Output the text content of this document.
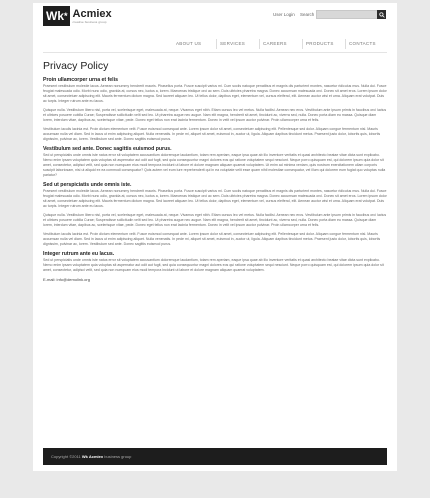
Wk* Acmiex
creative business group
User Login Search
ABOUT US	SERVICES	CAREERS	PRODUCTS	CONTACTS
Privacy Policy
Proin ullamcorper urna et felis

Praesent vestibulum molestie lacus. Aenean nonummy hendrerit mauris. Phasellus porta. Fusce suscipit varius mi. Cum sociis natoque penatibus et magnis dis parturient montes, nascetur ridiculus mus. Nulla dui. Fusce feugiat malesuada odio. Morbi nunc odio, gravida at, cursus nec, luctus a, lorem. Maecenas tristique orci ac sem. Duis ultricies pharetra magna. Donec accumsan malesuada orci. Donec sit amet eros. Lorem ipsum dolor sit amet, consectetuer adipiscing elit. Mauris fermentum dictum magna. Sed laoreet aliquam leo. Ut tellus dolor, dapibus eget, elementum vel, cursus eleifend, elit. Aenean auctor wisi et urna. Aliquam erat volutpat. Duis ac turpis. Integer rutrum ante eu lacus.

Quisque nulla. Vestibulum libero nisl, porta vel, scelerisque eget, malesuada at, neque. Vivamus eget nibh. Etiam cursus leo vel metus. Nulla facilisi. Aenean nec eros. Vestibulum ante ipsum primis in faucibus orci luctus et ultrices posuere cubilia Curae; Suspendisse sollicitudin velit sed leo. Ut pharetra augue nec augue. Nam elit magna, hendrerit sit amet, tincidunt ac, viverra sed, nulla. Donec porta diam eu massa. Quisque diam lorem, interdum vitae, dapibus ac, scelerisque vitae, pede. Donec eget tellus non erat lacinia fermentum. Donec in velit vel ipsum auctor pulvinar. Proin ullamcorper urna et felis.

Vestibulum iaculis lacinia est. Proin dictum elementum velit. Fusce euismod consequat ante. Lorem ipsum dolor sit amet, consectetuer adipiscing elit. Pellentesque sed dolor. Aliquam congue fermentum nisl. Mauris accumsan nulla vel diam. Sed in lacus ut enim adipiscing aliquet. Nulla venenatis. In pede mi, aliquet sit amet, euismod in, auctor ut, ligula. Aliquam dapibus tincidunt metus. Praesent justo dolor, lobortis quis, lobortis dignissim, pulvinar ac, lorem. Vestibulum sed ante. Donec sagittis euismod purus.

Vestibulum sed ante. Donec sagittis euismod purus.

Sed ut perspiciatis unde omnis iste natus error sit voluptatem accusantium doloremque laudantium, totam rem aperiam, eaque ipsa quae ab illo inventore veritatis et quasi architecto beatae vitae dicta sunt explicabo. Nemo enim ipsam voluptatem quia voluptas sit aspernatur aut odit aut fugit, sed quia consequuntur magni dolores eos qui ratione voluptatem sequi nesciunt. Neque porro quisquam est, qui dolorem ipsum quia dolor sit amet, consectetur, adipisci velit, sed quia non numquam eius modi tempora incidunt ut labore et dolore magnam aliquam quaerat voluptatem. Ut enim ad minima veniam, quis nostrum exercitationem ullam corporis suscipit laboriosam, nisi ut aliquid ex ea commodi consequatur? Quis autem vel eum iure reprehenderit qui in ea voluptate velit esse quam nihil molestiae consequatur, vel illum qui dolorem eum fugiat quo voluptas nulla pariatur?

Sed ut perspiciatis unde omnis iste.

Praesent vestibulum molestie lacus. Aenean nonummy hendrerit mauris. Phasellus porta. Fusce suscipit varius mi. Cum sociis natoque penatibus et magnis dis parturient montes, nascetur ridiculus mus. Nulla dui. Fusce feugiat malesuada odio. Morbi nunc odio, gravida at, cursus nec, luctus a, lorem. Maecenas tristique orci ac sem. Duis ultricies pharetra magna. Donec accumsan malesuada orci. Donec sit amet eros. Lorem ipsum dolor sit amet, consectetuer adipiscing elit. Mauris fermentum dictum magna. Sed laoreet aliquam leo. Ut tellus dolor, dapibus eget, elementum vel, cursus eleifend, elit. Aenean auctor wisi et urna. Aliquam erat volutpat. Duis ac turpis. Integer rutrum ante eu lacus.

Quisque nulla. Vestibulum libero nisl, porta vel, scelerisque eget, malesuada at, neque. Vivamus eget nibh. Etiam cursus leo vel metus. Nulla facilisi. Aenean nec eros. Vestibulum ante ipsum primis in faucibus orci luctus et ultrices posuere cubilia Curae; Suspendisse sollicitudin velit sed leo. Ut pharetra augue nec augue. Nam elit magna, hendrerit sit amet, tincidunt ac, viverra sed, nulla. Donec porta diam eu massa. Quisque diam lorem, interdum vitae, dapibus ac, scelerisque vitae, pede. Donec eget tellus non erat lacinia fermentum. Donec in velit vel ipsum auctor pulvinar. Proin ullamcorper urna et felis.

Vestibulum iaculis lacinia est. Proin dictum elementum velit. Fusce euismod consequat ante. Lorem ipsum dolor sit amet, consectetuer adipiscing elit. Pellentesque sed dolor. Aliquam congue fermentum nisl. Mauris accumsan nulla vel diam. Sed in lacus ut enim adipiscing aliquet. Nulla venenatis. In pede mi, aliquet sit amet, euismod in, auctor ut, ligula. Aliquam dapibus tincidunt metus. Praesent justo dolor, lobortis quis, lobortis dignissim, pulvinar ac, lorem. Vestibulum sed ante. Donec sagittis euismod purus.

Integer rutrum ante eu lacus.

Sed ut perspiciatis unde omnis iste natus error sit voluptatem accusantium doloremque laudantium, totam rem aperiam, eaque ipsa quae ab illo inventore veritatis et quasi architecto beatae vitae dicta sunt explicabo. Nemo enim ipsam voluptatem quia voluptas sit aspernatur aut odit aut fugit, sed quia consequuntur magni dolores eos qui ratione voluptatem sequi nesciunt. Neque porro quisquam est, qui dolorem ipsum quia dolor sit amet, consectetur, adipisci velit, sed quia non numquam eius modi tempora incidunt ut labore et dolore magnam aliquam quaerat voluptatem.

E-mail: info@demolink.org
Copyright ©2011 Wk Acmiex business group
